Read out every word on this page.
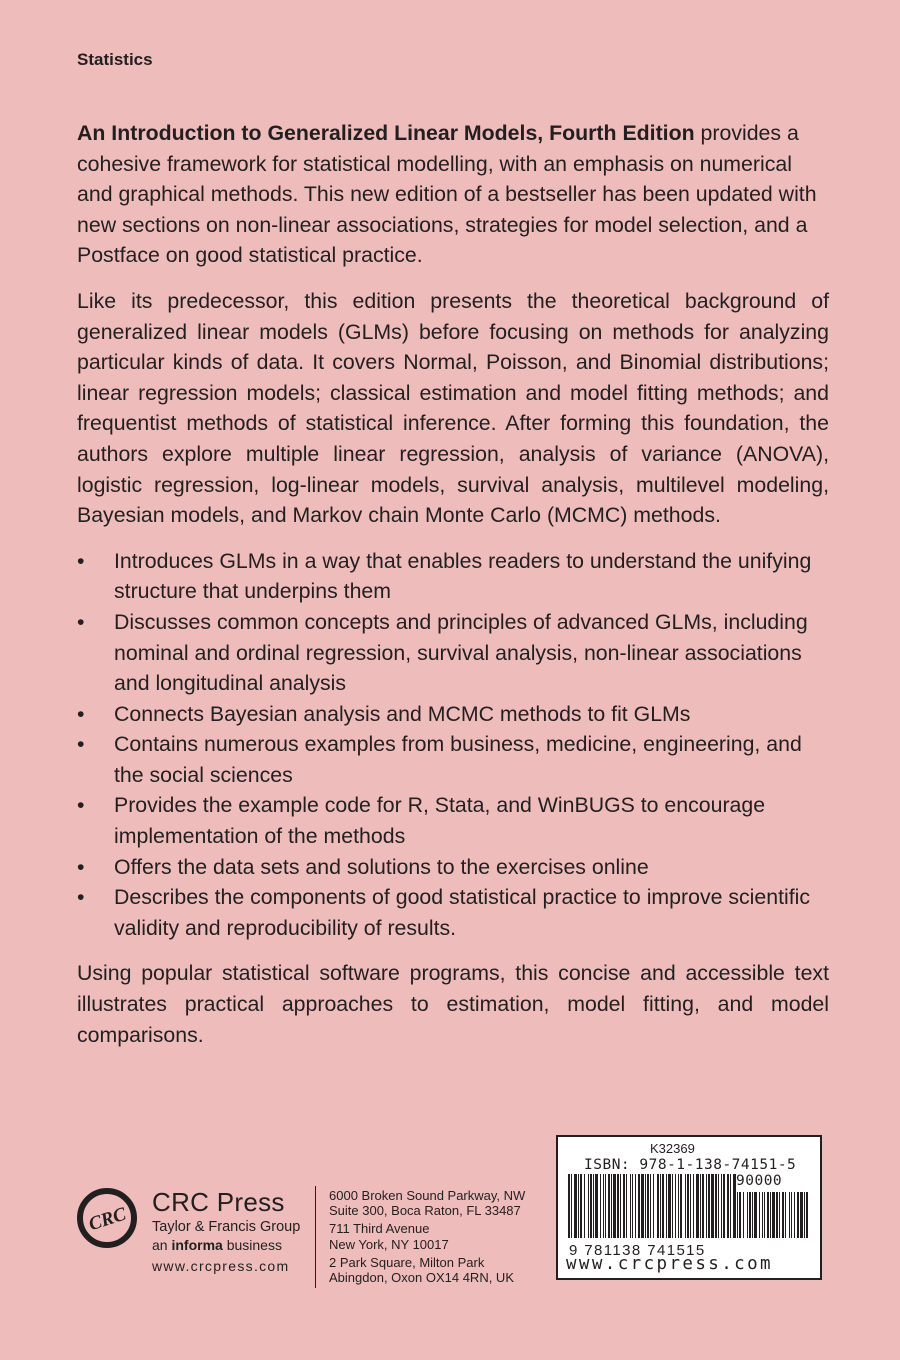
Statistics

An Introduction to Generalized Linear Models, Fourth Edition provides a cohesive framework for statistical modelling, with an emphasis on numerical and graphical methods. This new edition of a bestseller has been updated with new sections on non-linear associations, strategies for model selection, and a Postface on good statistical practice.

Like its predecessor, this edition presents the theoretical background of generalized linear models (GLMs) before focusing on methods for analyzing particular kinds of data. It covers Normal, Poisson, and Binomial distributions; linear regression models; classical estimation and model fitting methods; and frequentist methods of statistical inference. After forming this foundation, the authors explore multiple linear regression, analysis of variance (ANOVA), logistic regression, log-linear models, survival analysis, multilevel modeling, Bayesian models, and Markov chain Monte Carlo (MCMC) methods.

• Introduces GLMs in a way that enables readers to understand the unifying structure that underpins them
• Discusses common concepts and principles of advanced GLMs, including nominal and ordinal regression, survival analysis, non-linear associations and longitudinal analysis
• Connects Bayesian analysis and MCMC methods to fit GLMs
• Contains numerous examples from business, medicine, engineering, and the social sciences
• Provides the example code for R, Stata, and WinBUGS to encourage implementation of the methods
• Offers the data sets and solutions to the exercises online
• Describes the components of good statistical practice to improve scientific validity and reproducibility of results.

Using popular statistical software programs, this concise and accessible text illustrates practical approaches to estimation, model fitting, and model comparisons.

CRC
CRC Press
Taylor & Francis Group
an informa business
www.crcpress.com
6000 Broken Sound Parkway, NW
Suite 300, Boca Raton, FL 33487
711 Third Avenue
New York, NY 10017
2 Park Square, Milton Park
Abingdon, Oxon OX14 4RN, UK
K32369
ISBN: 978-1-138-74151-5
90000
9 781138 741515
www.crcpress.com
